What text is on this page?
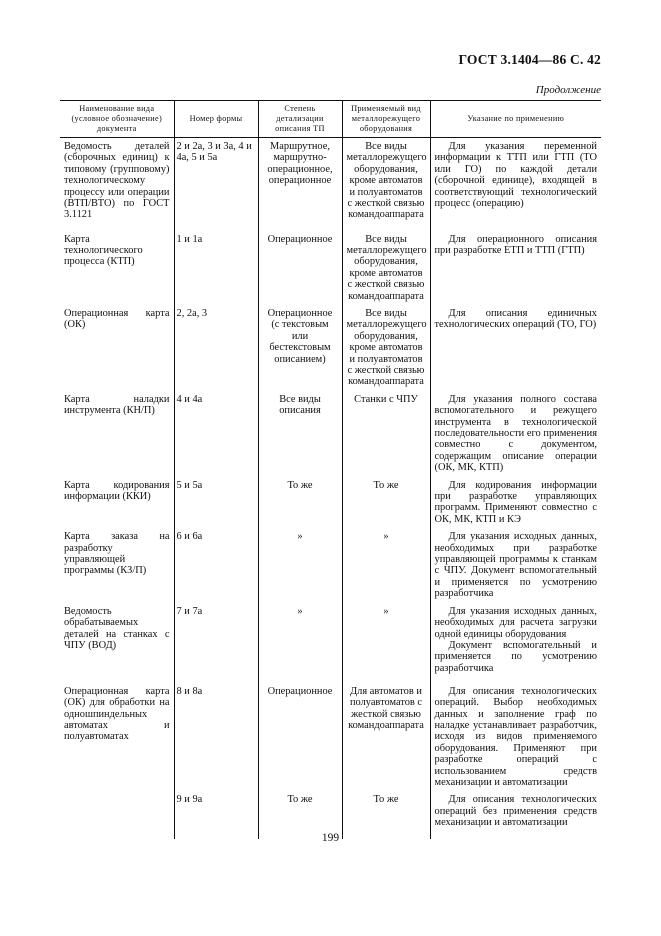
ГОСТ 3.1404—86 С. 42
Продолжение
Наименование вида (условное обозначение) документа	Номер формы	Степень детализации описания ТП	Применяемый вид металлорежущего оборудования	Указание по применению
Ведомость деталей (сборочных единиц) к типовому (групповому) технологическому процессу или операции (ВТП/ВТО) по ГОСТ 3.1121	2 и 2а, 3 и 3а, 4 и 4а, 5 и 5а	Маршрутное, маршрутно-операционное, операционное	Все виды металлорежущего оборудования, кроме автоматов и полуавтоматов с жесткой связью командоаппарата	Для указания переменной информации к ТТП или ГТП (ТО или ГО) по каждой детали (сборочной единице), входящей в соответствующий технологический процесс (операцию)
Карта технологического процесса (КТП)	1 и 1а	Операционное	Все виды металлорежущего оборудования, кроме автоматов с жесткой связью командоаппарата	Для операционного описания при разработке ЕТП и ТТП (ГТП)
Операционная карта (ОК)	2, 2а, 3	Операционное (с текстовым или бестекстовым описанием)	Все виды металлорежущего оборудования, кроме автоматов и полуавтоматов с жесткой связью командоаппарата	Для описания единичных технологических операций (ТО, ГО)
Карта наладки инструмента (КН/П)	4 и 4а	Все виды описания	Станки с ЧПУ	Для указания полного состава вспомогательного и режущего инструмента в технологической последовательности его применения совместно с документом, содержащим описание операции (ОК, МК, КТП)
Карта кодирования информации (ККИ)	5 и 5а	То же	То же	Для кодирования информации при разработке управляющих программ. Применяют совместно с ОК, МК, КТП и КЭ
Карта заказа на разработку управляющей программы (КЗ/П)	6 и 6а	»	»	Для указания исходных данных, необходимых при разработке управляющей программы к станкам с ЧПУ. Документ вспомогательный и применяется по усмотрению разработчика
Ведомость обрабатываемых деталей на станках с ЧПУ (ВОД)	7 и 7а	»	»	Для указания исходных данных, необходимых для расчета загрузки одной единицы оборудования
Документ вспомогательный и применяется по усмотрению разработчика

Операционная карта (ОК) для обработки на одношпиндельных автоматах и полуавтоматах	8 и 8а	Операционное	Для автоматов и полуавтоматов с жесткой связью командоаппарата	Для описания технологических операций. Выбор необходимых данных и заполнение граф по наладке устанавливает разработчик, исходя из видов применяемого оборудования. Применяют при разработке операций с использованием средств механизации и автоматизации
	9 и 9а	То же	То же	Для описания технологических операций без применения средств механизации и автоматизации
199
